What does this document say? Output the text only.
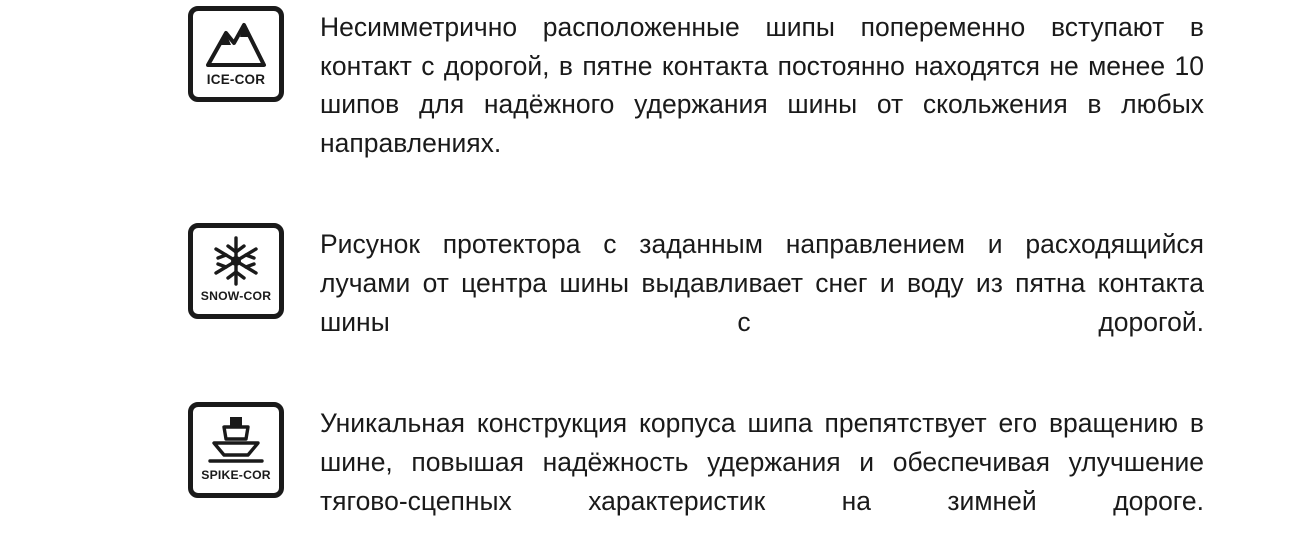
ICE-COR
Несимметрично расположенные шипы попеременно вступают в контакт с дорогой, в пятне контакта постоянно находятся не менее 10 шипов для надёжного удержания шины от скольжения в любых направлениях.
SNOW-COR
Рисунок протектора с заданным направлением и расходящийся лучами от центра шины выдавливает снег и воду из пятна контакта шины с дорогой.
SPIKE-COR
Уникальная конструкция корпуса шипа препятствует его вращению в шине, повышая надёжность удержания и обеспечивая улучшение тягово-сцепных характеристик на зимней дороге.
